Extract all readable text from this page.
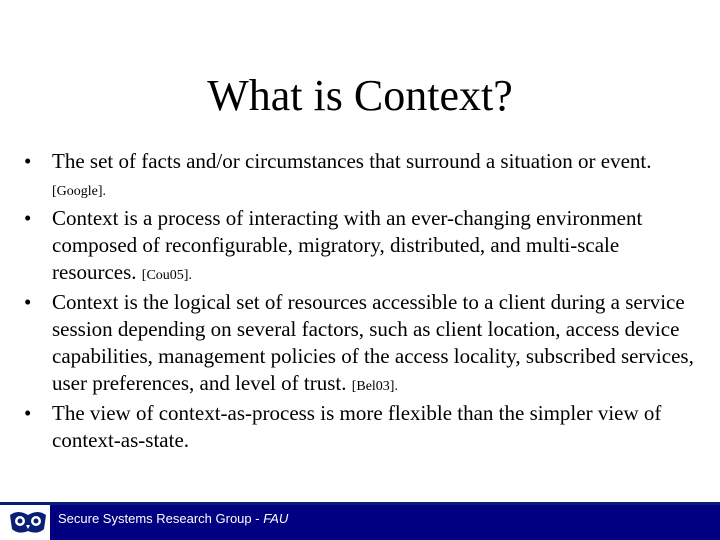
What is Context?
• The set of facts and/or circumstances that surround a situation or event. [Google].
• Context is a process of interacting with an ever-changing environment composed of reconfigurable, migratory, distributed, and multi-scale resources. [Cou05].
• Context is the logical set of resources accessible to a client during a service session depending on several factors, such as client location, access device capabilities, management policies of the access locality, subscribed services, user preferences, and level of trust. [Bel03].
• The view of context-as-process is more flexible than the simpler view of context-as-state.
Secure Systems Research Group - FAU
